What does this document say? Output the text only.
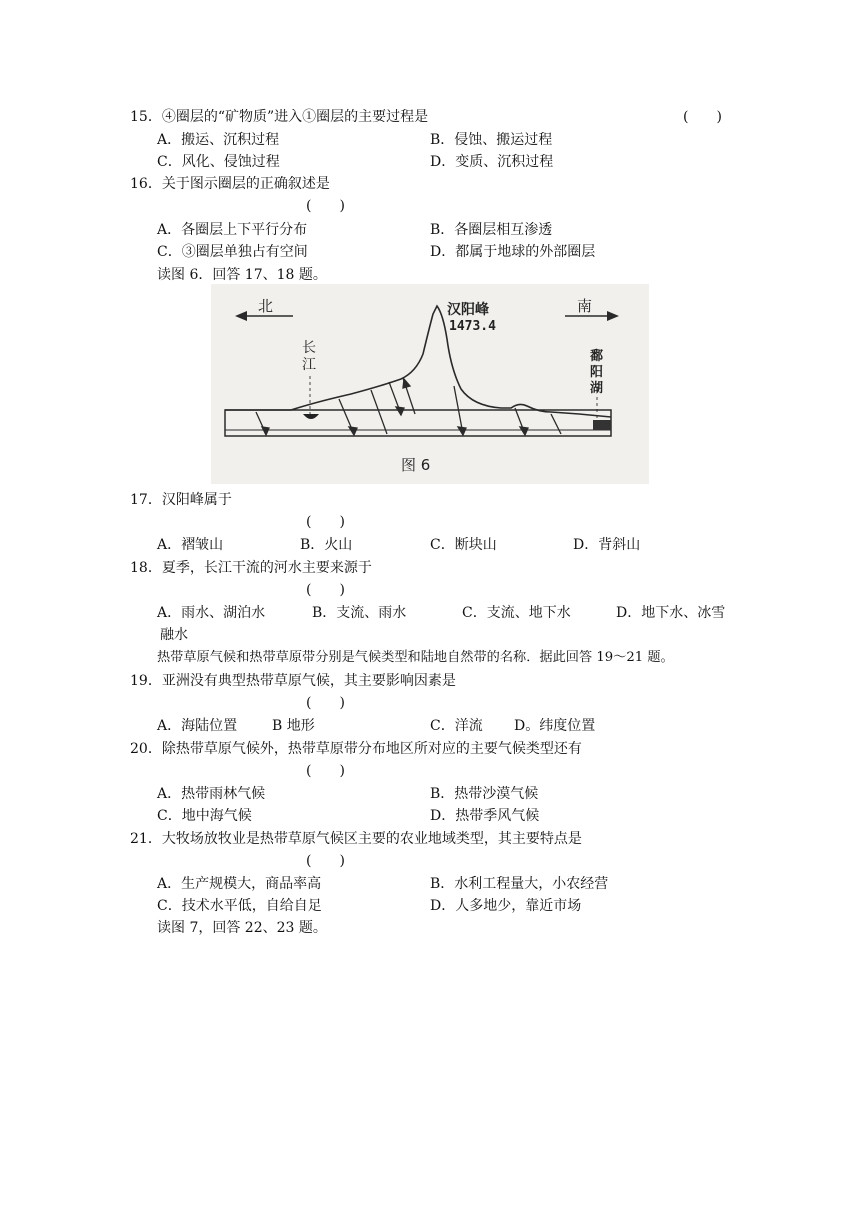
15．④圈层的“矿物质”进入①圈层的主要过程是	(　　)
A．搬运、沉积过程	B．侵蚀、搬运过程
C．风化、侵蚀过程	D．变质、沉积过程
16．关于图示圈层的正确叙述是
(　　)
A．各圈层上下平行分布	B．各圈层相互渗透
C．③圈层单独占有空间	D．都属于地球的外部圈层
读图 6．回答 17、18 题。
北	南
汉阳峰
1473.4
长
江
鄱
阳
湖
图 6
17．汉阳峰属于
(　　)
A．褶皱山	B．火山	C．断块山	D．背斜山
18．夏季，长江干流的河水主要来源于
(　　)
A．雨水、湖泊水	B．支流、雨水	C．支流、地下水	D．地下水、冰雪
融水
热带草原气候和热带草原带分别是气候类型和陆地自然带的名称．据此回答 19～21 题。
19．亚洲没有典型热带草原气候，其主要影响因素是
(　　)
A．海陆位置 B 地形	C．洋流 D。纬度位置
20．除热带草原气候外，热带草原带分布地区所对应的主要气候类型还有
(　　)
A．热带雨林气候	B．热带沙漠气候
C．地中海气候	D．热带季风气候
21．大牧场放牧业是热带草原气候区主要的农业地域类型，其主要特点是
(　　)
A．生产规模大，商品率高	B．水利工程量大，小农经营
C．技术水平低，自给自足	D．人多地少，靠近市场
读图 7，回答 22、23 题。
